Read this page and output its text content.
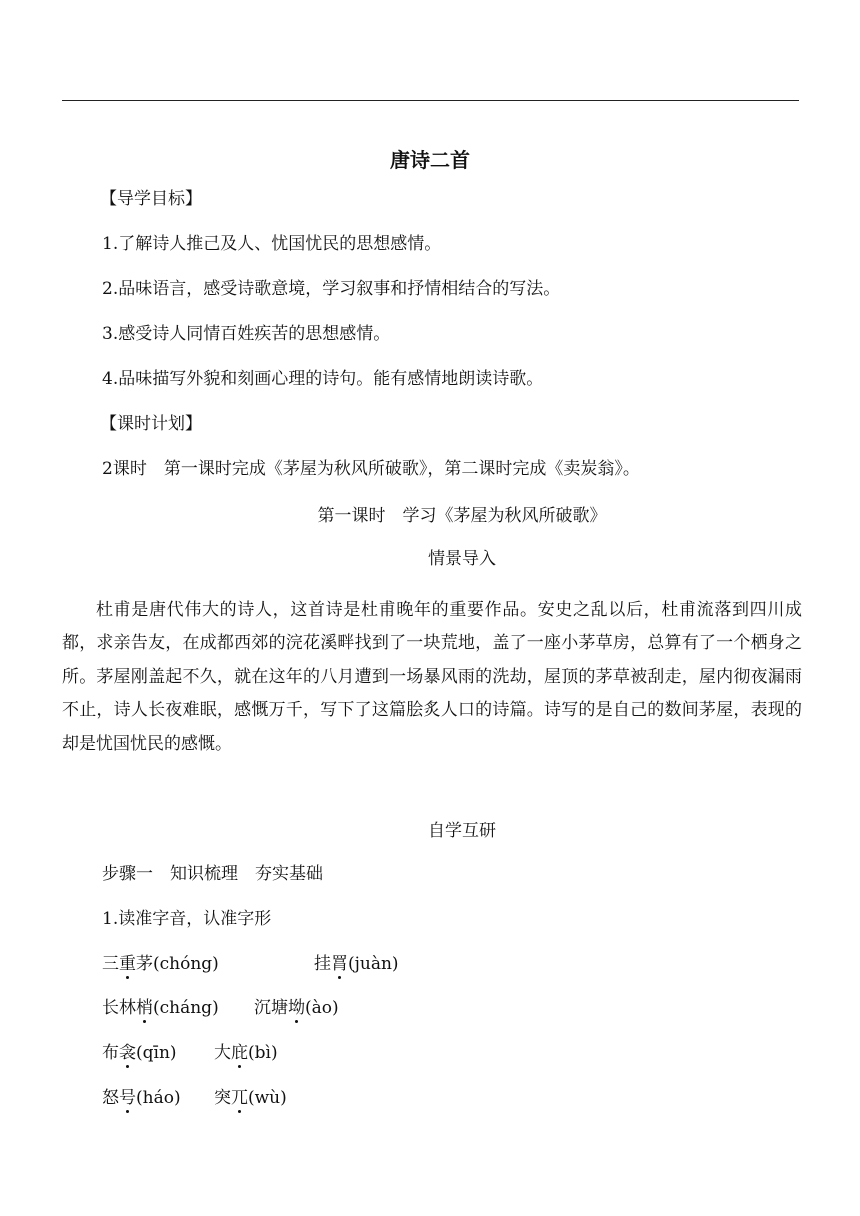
唐诗二首

【导学目标】

1.了解诗人推己及人、忧国忧民的思想感情。

2.品味语言，感受诗歌意境，学习叙事和抒情相结合的写法。

3.感受诗人同情百姓疾苦的思想感情。

4.品味描写外貌和刻画心理的诗句。能有感情地朗读诗歌。

【课时计划】

2课时　第一课时完成《茅屋为秋风所破歌》，第二课时完成《卖炭翁》。

第一课时　学习《茅屋为秋风所破歌》

情景导入

杜甫是唐代伟大的诗人，这首诗是杜甫晚年的重要作品。安史之乱以后，杜甫流落到四川成都，求亲告友，在成都西郊的浣花溪畔找到了一块荒地，盖了一座小茅草房，总算有了一个栖身之所。茅屋刚盖起不久，就在这年的八月遭到一场暴风雨的洗劫，屋顶的茅草被刮走，屋内彻夜漏雨不止，诗人长夜难眠，感慨万千，写下了这篇脍炙人口的诗篇。诗写的是自己的数间茅屋，表现的却是忧国忧民的感慨。

自学互研

步骤一　知识梳理　夯实基础

1.读准字音，认准字形

三重茅(chóng)	挂罥(juàn)

长林梢(cháng) 沉塘坳(ào)

布衾(qīn) 大庇(bì)

怒号(háo) 突兀(wù)
